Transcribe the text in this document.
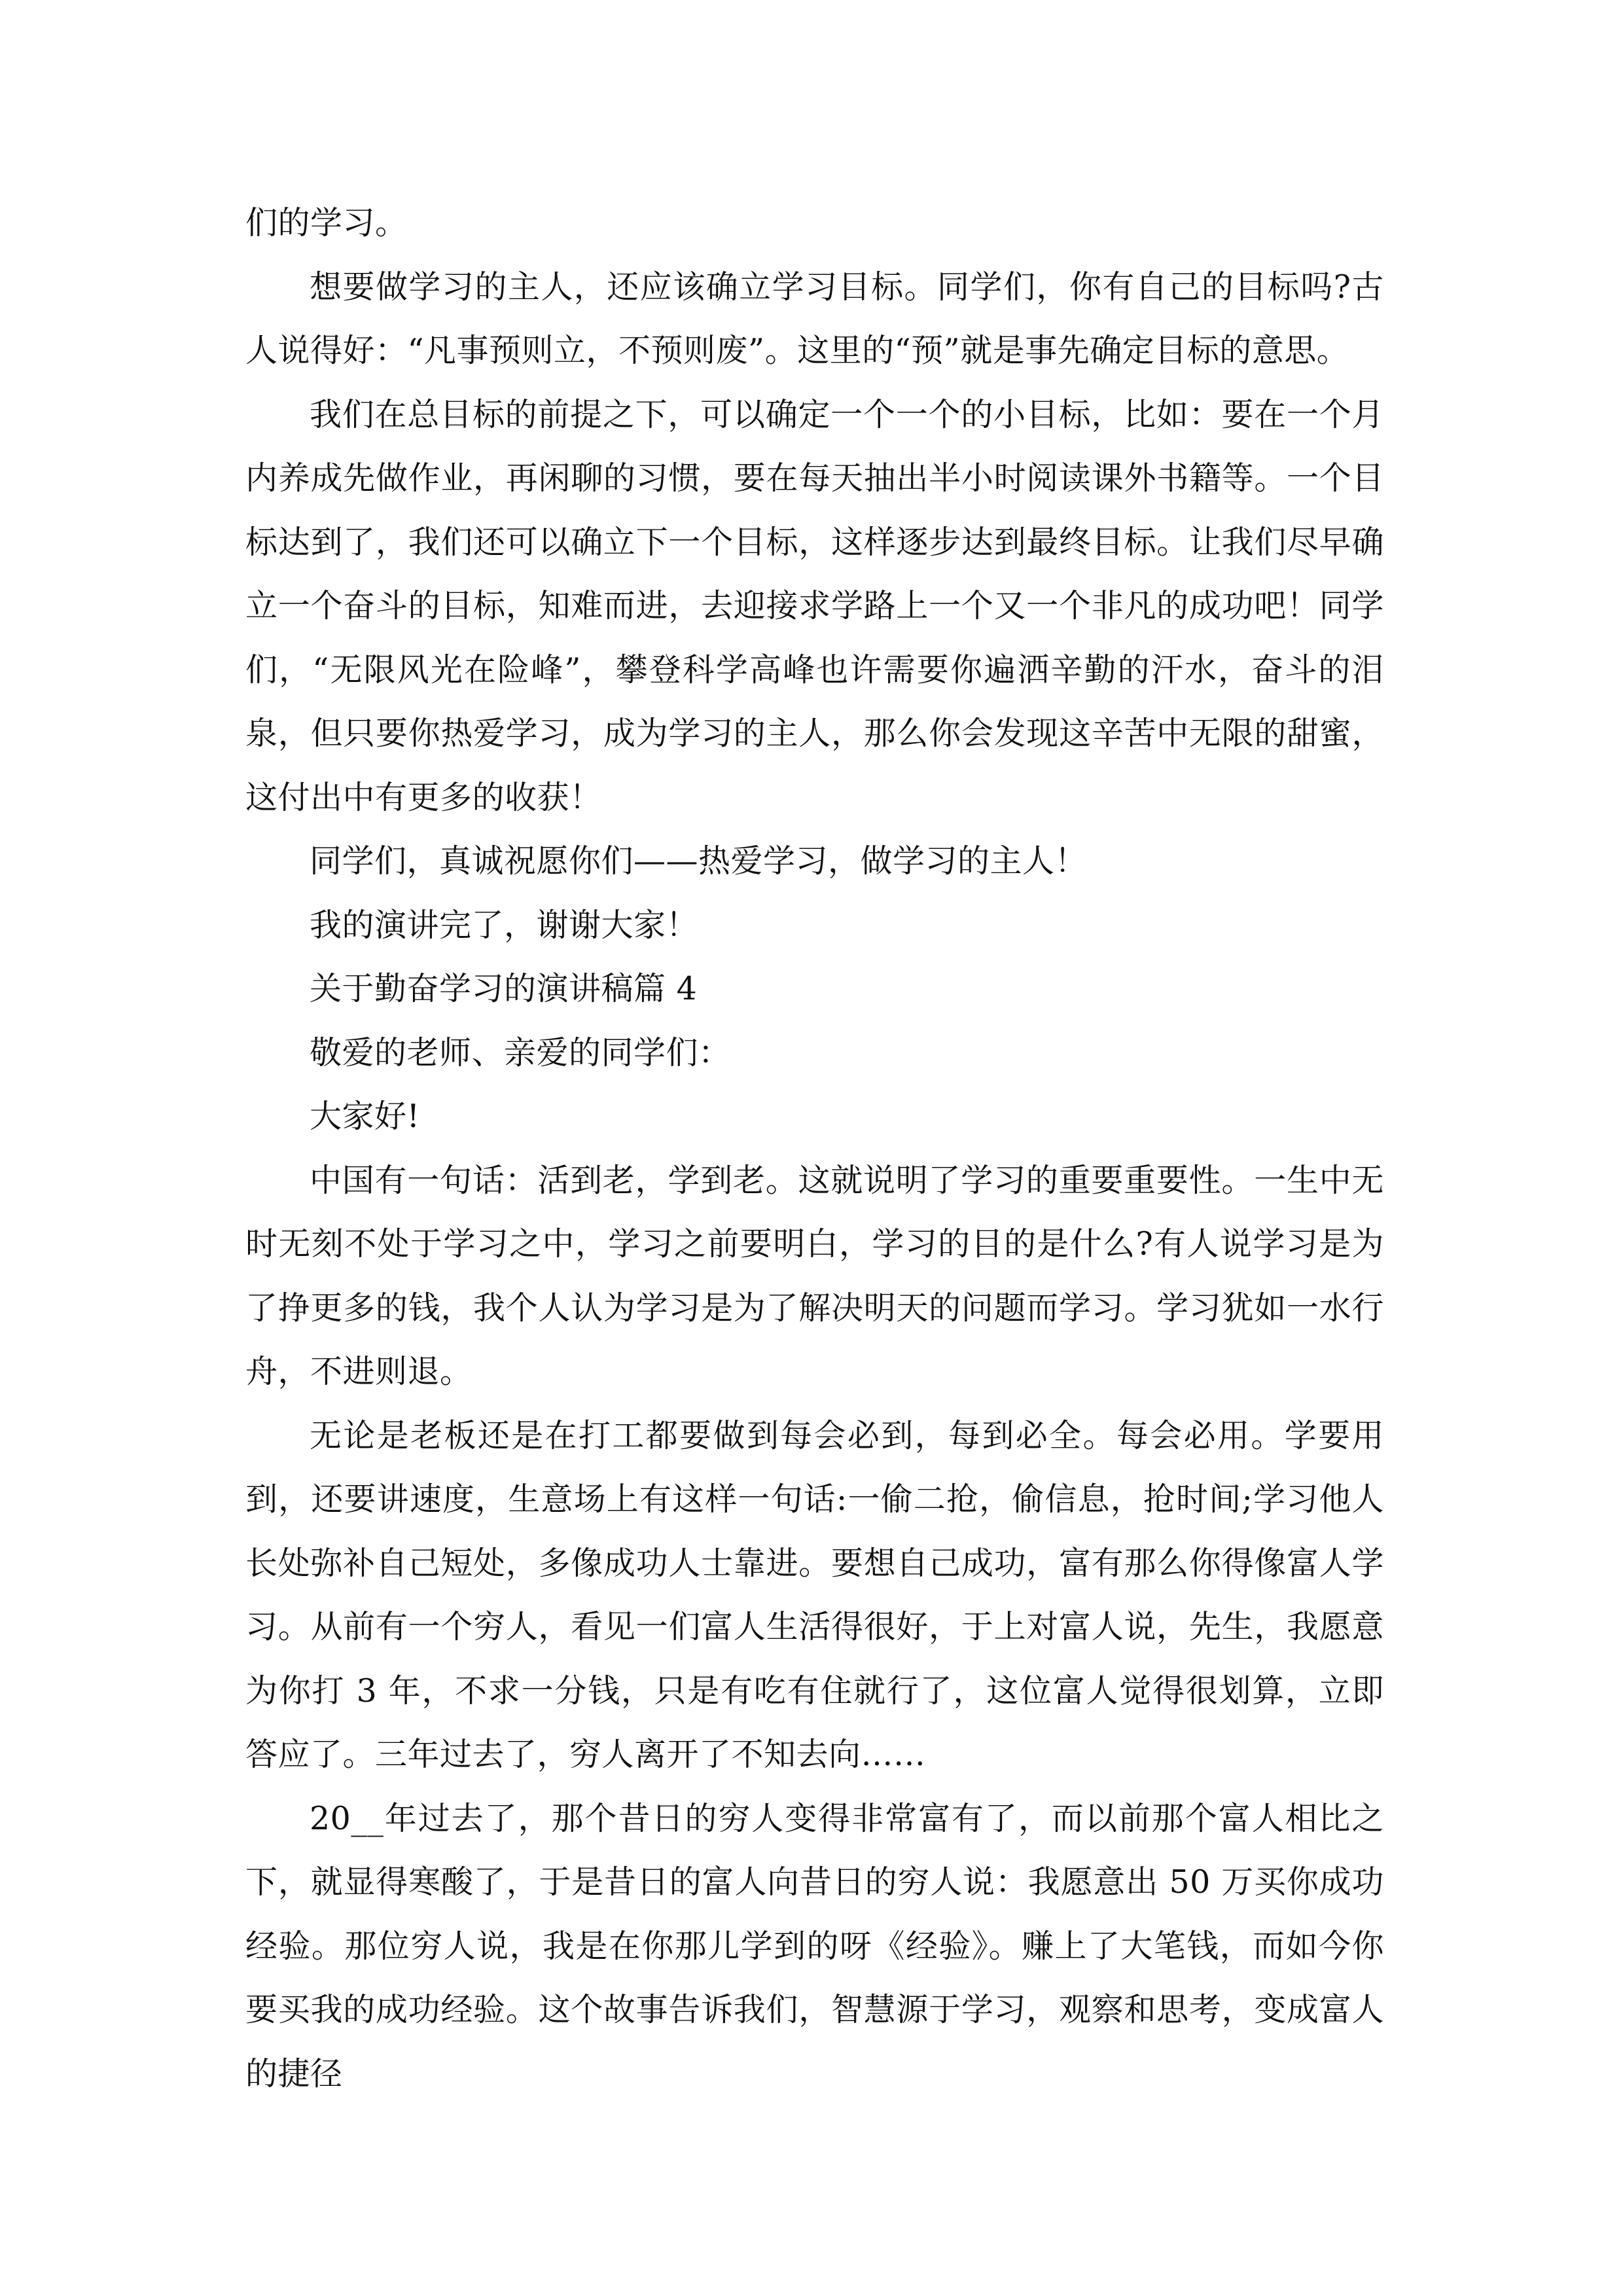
们的学习。

想要做学习的主人，还应该确立学习目标。同学们，你有自己的目标吗?古人说得好：“凡事预则立，不预则废”。这里的“预”就是事先确定目标的意思。

我们在总目标的前提之下，可以确定一个一个的小目标，比如：要在一个月内养成先做作业，再闲聊的习惯，要在每天抽出半小时阅读课外书籍等。一个目标达到了，我们还可以确立下一个目标，这样逐步达到最终目标。让我们尽早确立一个奋斗的目标，知难而进，去迎接求学路上一个又一个非凡的成功吧！同学们，“无限风光在险峰”，攀登科学高峰也许需要你遍洒辛勤的汗水，奋斗的泪泉，但只要你热爱学习，成为学习的主人，那么你会发现这辛苦中无限的甜蜜，这付出中有更多的收获！

同学们，真诚祝愿你们——热爱学习，做学习的主人！

我的演讲完了，谢谢大家！

关于勤奋学习的演讲稿篇 4

敬爱的老师、亲爱的同学们：

大家好!

中国有一句话：活到老，学到老。这就说明了学习的重要重要性。一生中无时无刻不处于学习之中，学习之前要明白，学习的目的是什么?有人说学习是为了挣更多的钱，我个人认为学习是为了解决明天的问题而学习。学习犹如一水行舟，不进则退。

无论是老板还是在打工都要做到每会必到，每到必全。每会必用。学要用到，还要讲速度，生意场上有这样一句话:一偷二抢，偷信息，抢时间;学习他人长处弥补自己短处，多像成功人士靠进。要想自己成功，富有那么你得像富人学习。从前有一个穷人，看见一们富人生活得很好，于上对富人说，先生，我愿意为你打 3 年，不求一分钱，只是有吃有住就行了，这位富人觉得很划算，立即答应了。三年过去了，穷人离开了不知去向……

20__年过去了，那个昔日的穷人变得非常富有了，而以前那个富人相比之下，就显得寒酸了，于是昔日的富人向昔日的穷人说：我愿意出 50 万买你成功经验。那位穷人说，我是在你那儿学到的呀《经验》。赚上了大笔钱，而如今你要买我的成功经验。这个故事告诉我们，智慧源于学习，观察和思考，变成富人的捷径
